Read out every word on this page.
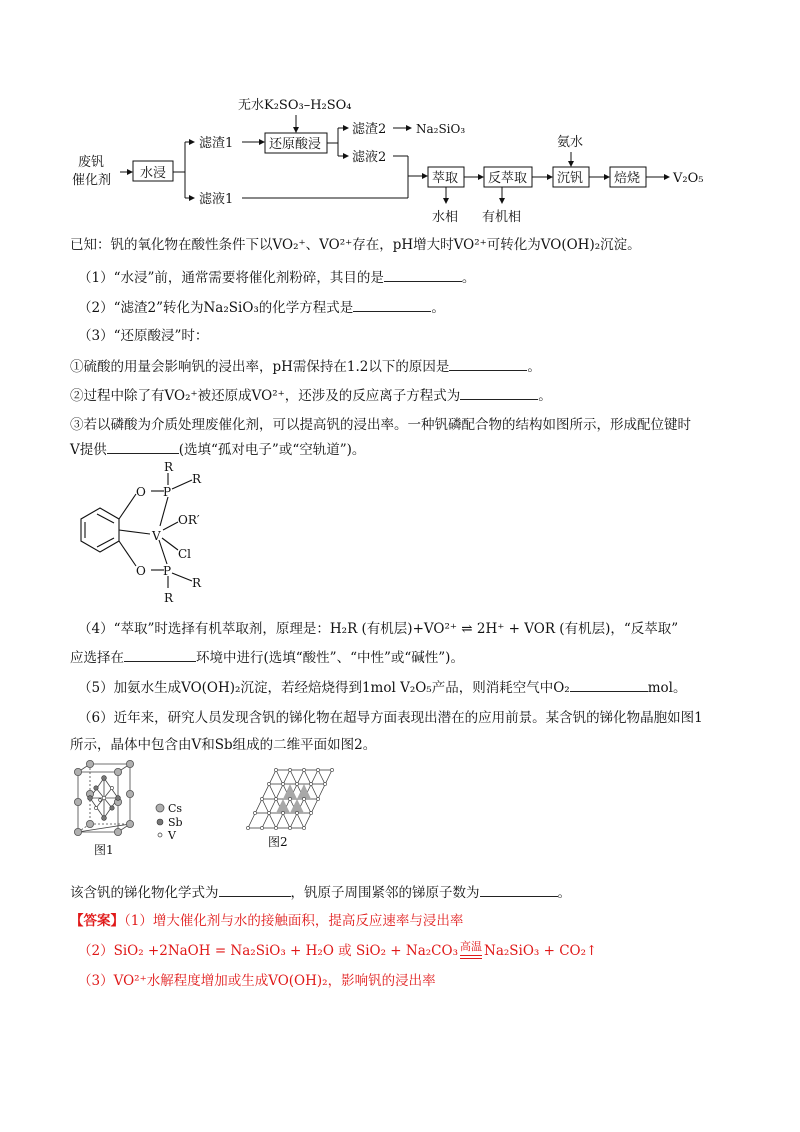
无水K₂SO₃–H₂SO₄
废钒
催化剂 水浸
滤渣1
滤液1
还原酸浸
滤渣2 Na₂SiO₃
滤液2
萃取 反萃取 沉钒 焙烧
氨水
V₂O₅
水相 有机相
已知：钒的氧化物在酸性条件下以VO₂⁺、VO²⁺存在，pH增大时VO²⁺可转化为VO(OH)₂沉淀。
（1）“水浸”前，通常需要将催化剂粉碎，其目的是	。
（2）“滤渣2”转化为Na₂SiO₃的化学方程式是	。
（3）“还原酸浸”时：
①硫酸的用量会影响钒的浸出率，pH需保持在1.2以下的原因是	。
②过程中除了有VO₂⁺被还原成VO²⁺，还涉及的反应离子方程式为	。
③若以磷酸为介质处理废催化剂，可以提高钒的浸出率。一种钒磷配合物的结构如图所示，形成配位键时
V提供	(选填“孤对电子”或“空轨道”)。
R
R
O P
V
OR′
Cl
O P
R
R
（4）“萃取”时选择有机萃取剂，原理是：H₂R (有机层)+VO²⁺ ⇌ 2H⁺ + VOR (有机层)，“反萃取”
应选择在	环境中进行(选填“酸性”、“中性”或“碱性”)。
（5）加氨水生成VO(OH)₂沉淀，若经焙烧得到1mol V₂O₅产品，则消耗空气中O₂	mol。
（6）近年来，研究人员发现含钒的锑化物在超导方面表现出潜在的应用前景。某含钒的锑化物晶胞如图1
所示，晶体中包含由V和Sb组成的二维平面如图2。
Cs
Sb
V
图1
图2
该含钒的锑化物化学式为	，钒原子周围紧邻的锑原子数为	。
【答案】（1）增大催化剂与水的接触面积，提高反应速率与浸出率
（2）SiO₂ +2NaOH = Na₂SiO₃ + H₂O 或 SiO₂ + Na₂CO₃ $^{高温}$ Na₂SiO₃ + CO₂↑
（3）VO²⁺水解程度增加或生成VO(OH)₂，影响钒的浸出率
